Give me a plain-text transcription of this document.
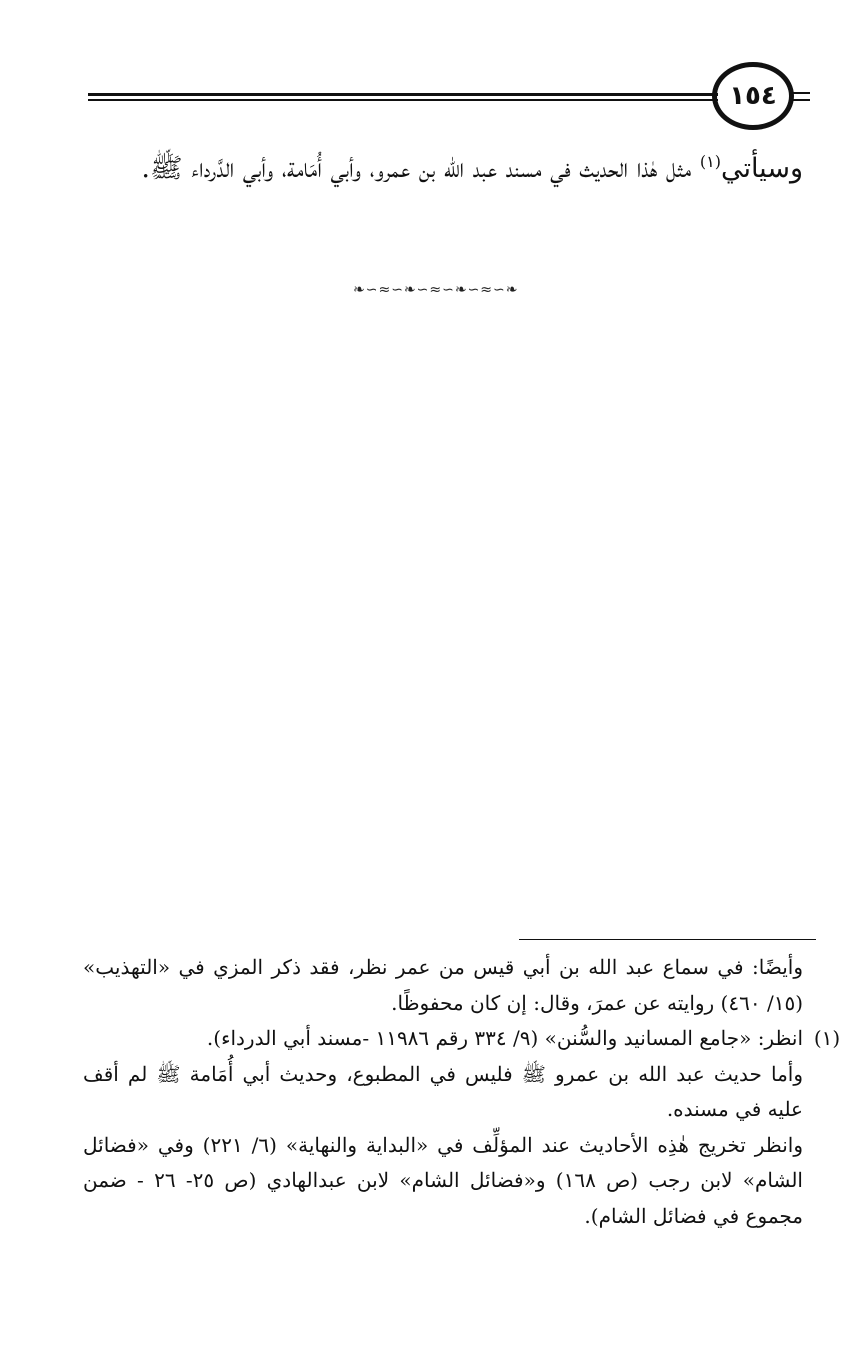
١٥٤
وسيأتي$^{(١)}$ مثل هٰذا الحديث في مسند عبد الله بن عمرو، وأبي أُمَامة، وأبي الدَّرداء ﷺ.
❧∽≈∽❧∽≈∽❧∽≈∽❧

وأيضًا: في سماع عبد الله بن أبي قيس من عمر نظر، فقد ذكر المزي في «التهذيب» (١٥/ ٤٦٠) روايته عن عمرَ، وقال: إن كان محفوظًا.

(١)

انظر: «جامع المسانيد والسُّنن» (٩/ ٣٣٤ رقم ١١٩٨٦ -مسند أبي الدرداء).

وأما حديث عبد الله بن عمرو ﷺ فليس في المطبوع، وحديث أبي أُمَامة ﷺ لم أقف عليه في مسنده.

وانظر تخريج هٰذِه الأحاديث عند المؤلِّف في «البداية والنهاية» (٦/ ٢٢١) وفي «فضائل الشام» لابن رجب (ص ١٦٨) و«فضائل الشام» لابن عبدالهادي (ص ٢٥- ٢٦ - ضمن مجموع في فضائل الشام).
